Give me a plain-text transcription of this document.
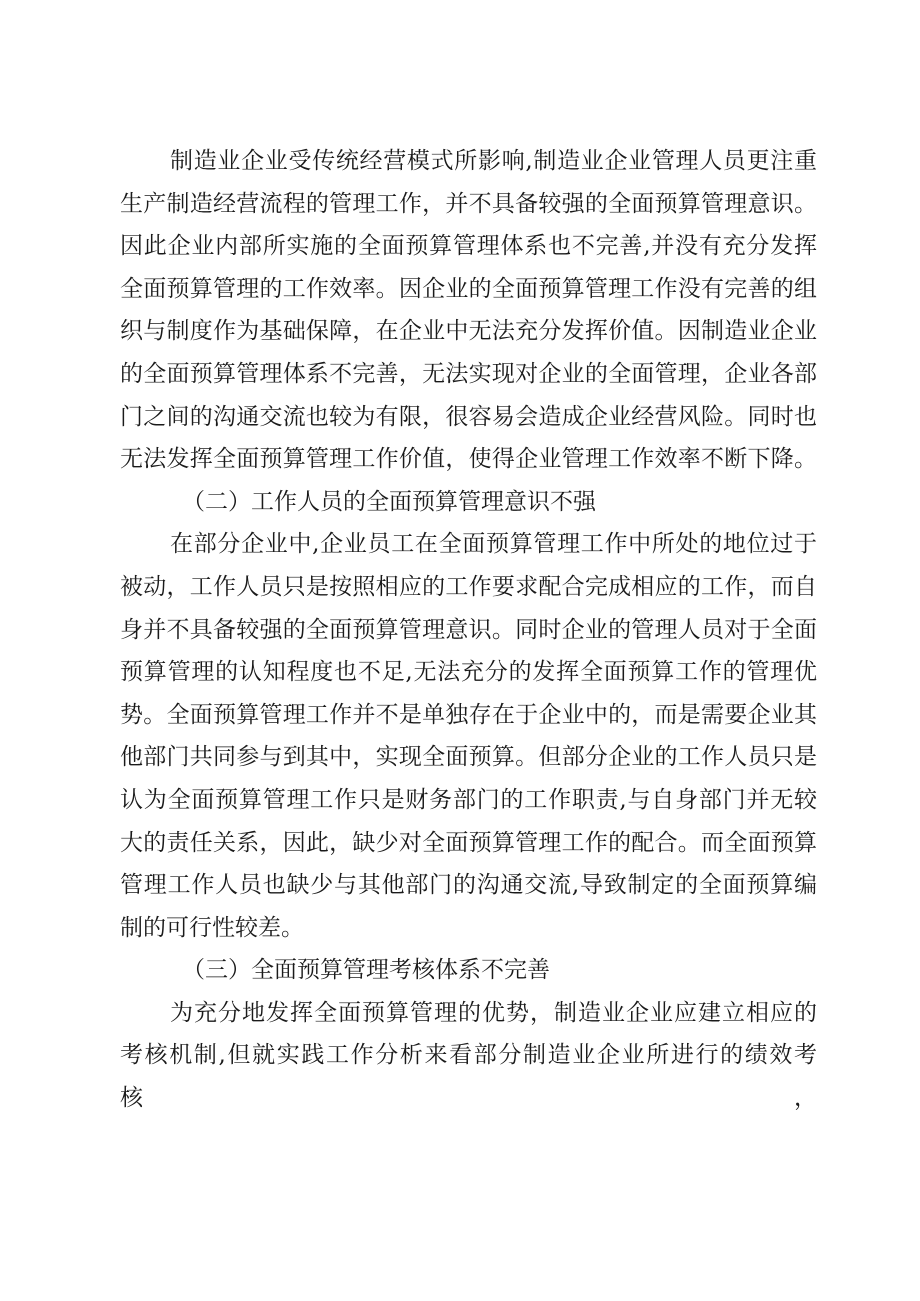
制造业企业受传统经营模式所影响,制造业企业管理人员更注重
生产制造经营流程的管理工作，并不具备较强的全面预算管理意识。
因此企业内部所实施的全面预算管理体系也不完善,并没有充分发挥
全面预算管理的工作效率。因企业的全面预算管理工作没有完善的组
织与制度作为基础保障，在企业中无法充分发挥价值。因制造业企业
的全面预算管理体系不完善，无法实现对企业的全面管理，企业各部
门之间的沟通交流也较为有限，很容易会造成企业经营风险。同时也
无法发挥全面预算管理工作价值，使得企业管理工作效率不断下降。
（二）工作人员的全面预算管理意识不强
在部分企业中,企业员工在全面预算管理工作中所处的地位过于
被动，工作人员只是按照相应的工作要求配合完成相应的工作，而自
身并不具备较强的全面预算管理意识。同时企业的管理人员对于全面
预算管理的认知程度也不足,无法充分的发挥全面预算工作的管理优
势。全面预算管理工作并不是单独存在于企业中的，而是需要企业其
他部门共同参与到其中，实现全面预算。但部分企业的工作人员只是
认为全面预算管理工作只是财务部门的工作职责,与自身部门并无较
大的责任关系，因此，缺少对全面预算管理工作的配合。而全面预算
管理工作人员也缺少与其他部门的沟通交流,导致制定的全面预算编
制的可行性较差。
（三）全面预算管理考核体系不完善
为充分地发挥全面预算管理的优势，制造业企业应建立相应的
考核机制,但就实践工作分析来看部分制造业企业所进行的绩效考核，
